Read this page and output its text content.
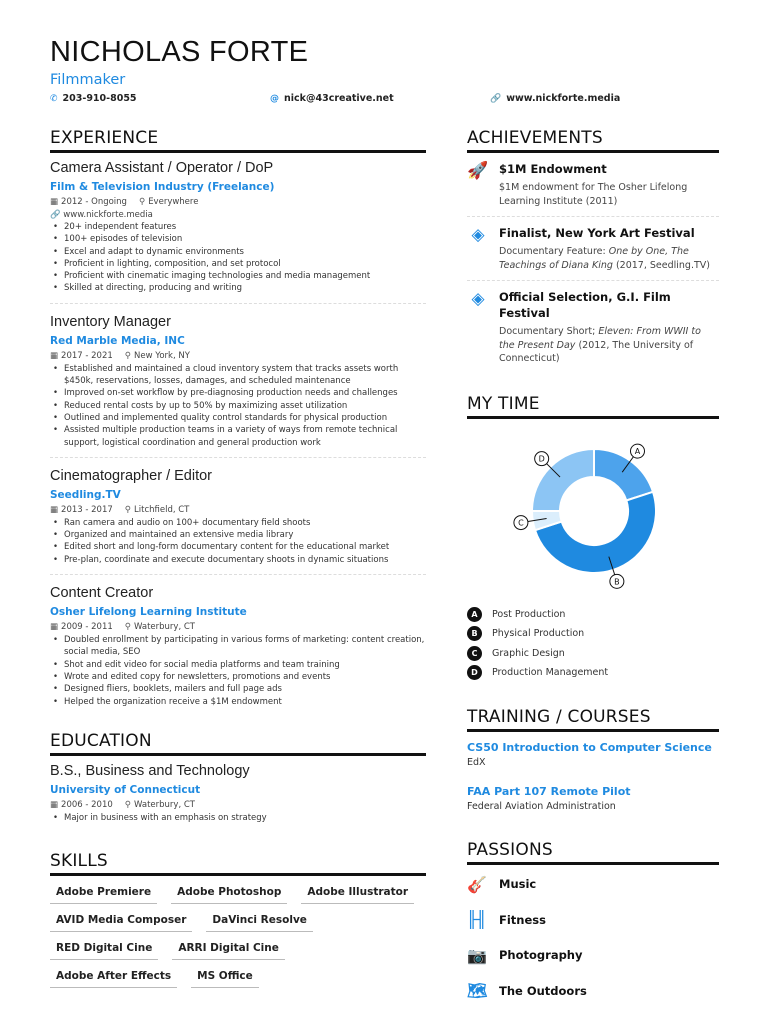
NICHOLAS FORTE
Filmmaker
✆ 203-910-8055	@ nick@43creative.net	🔗 www.nickforte.media
EXPERIENCE
Camera Assistant / Operator / DoP
Film & Television Industry (Freelance)
▦ 2012 - Ongoing ⚲ Everywhere
🔗 www.nickforte.media
• 20+ independent features
• 100+ episodes of television
• Excel and adapt to dynamic environments
• Proficient in lighting, composition, and set protocol
• Proficient with cinematic imaging technologies and media management
• Skilled at directing, producing and writing
Inventory Manager
Red Marble Media, INC
▦ 2017 - 2021 ⚲ New York, NY
• Established and maintained a cloud inventory system that tracks assets worth $450k, reservations, losses, damages, and scheduled maintenance
• Improved on-set workflow by pre-diagnosing production needs and challenges
• Reduced rental costs by up to 50% by maximizing asset utilization
• Outlined and implemented quality control standards for physical production
• Assisted multiple production teams in a variety of ways from remote technical support, logistical coordination and general production work
Cinematographer / Editor
Seedling.TV
▦ 2013 - 2017 ⚲ Litchfield, CT
• Ran camera and audio on 100+ documentary field shoots
• Organized and maintained an extensive media library
• Edited short and long-form documentary content for the educational market
• Pre-plan, coordinate and execute documentary shoots in dynamic situations
Content Creator
Osher Lifelong Learning Institute
▦ 2009 - 2011 ⚲ Waterbury, CT
• Doubled enrollment by participating in various forms of marketing: content creation, social media, SEO
• Shot and edit video for social media platforms and team training
• Wrote and edited copy for newsletters, promotions and events
• Designed fliers, booklets, mailers and full page ads
• Helped the organization receive a $1M endowment
EDUCATION
B.S., Business and Technology
University of Connecticut
▦ 2006 - 2010 ⚲ Waterbury, CT
• Major in business with an emphasis on strategy
SKILLS
Adobe Premiere	Adobe Photoshop	Adobe Illustrator
AVID Media Composer	DaVinci Resolve
RED Digital Cine	ARRI Digital Cine
Adobe After Effects	MS Office
ACHIEVEMENTS
🚀 $1M Endowment
$1M endowment for The Osher Lifelong Learning Institute (2011)
◈	Finalist, New York Art Festival
Documentary Feature: One by One, The Teachings of Diana King (2017, Seedling.TV)
◈	Official Selection, G.I. Film Festival
Documentary Short; Eleven: From WWII to the Present Day (2012, The University of Connecticut)
MY TIME
A
B
C
D
A	Post Production
B	Physical Production
C	Graphic Design
D	Production Management
TRAINING / COURSES
CS50 Introduction to Computer Science
EdX
FAA Part 107 Remote Pilot
Federal Aviation Administration
PASSIONS
🎸 Music
╟╢ Fitness
📷 Photography
🗺 The Outdoors
